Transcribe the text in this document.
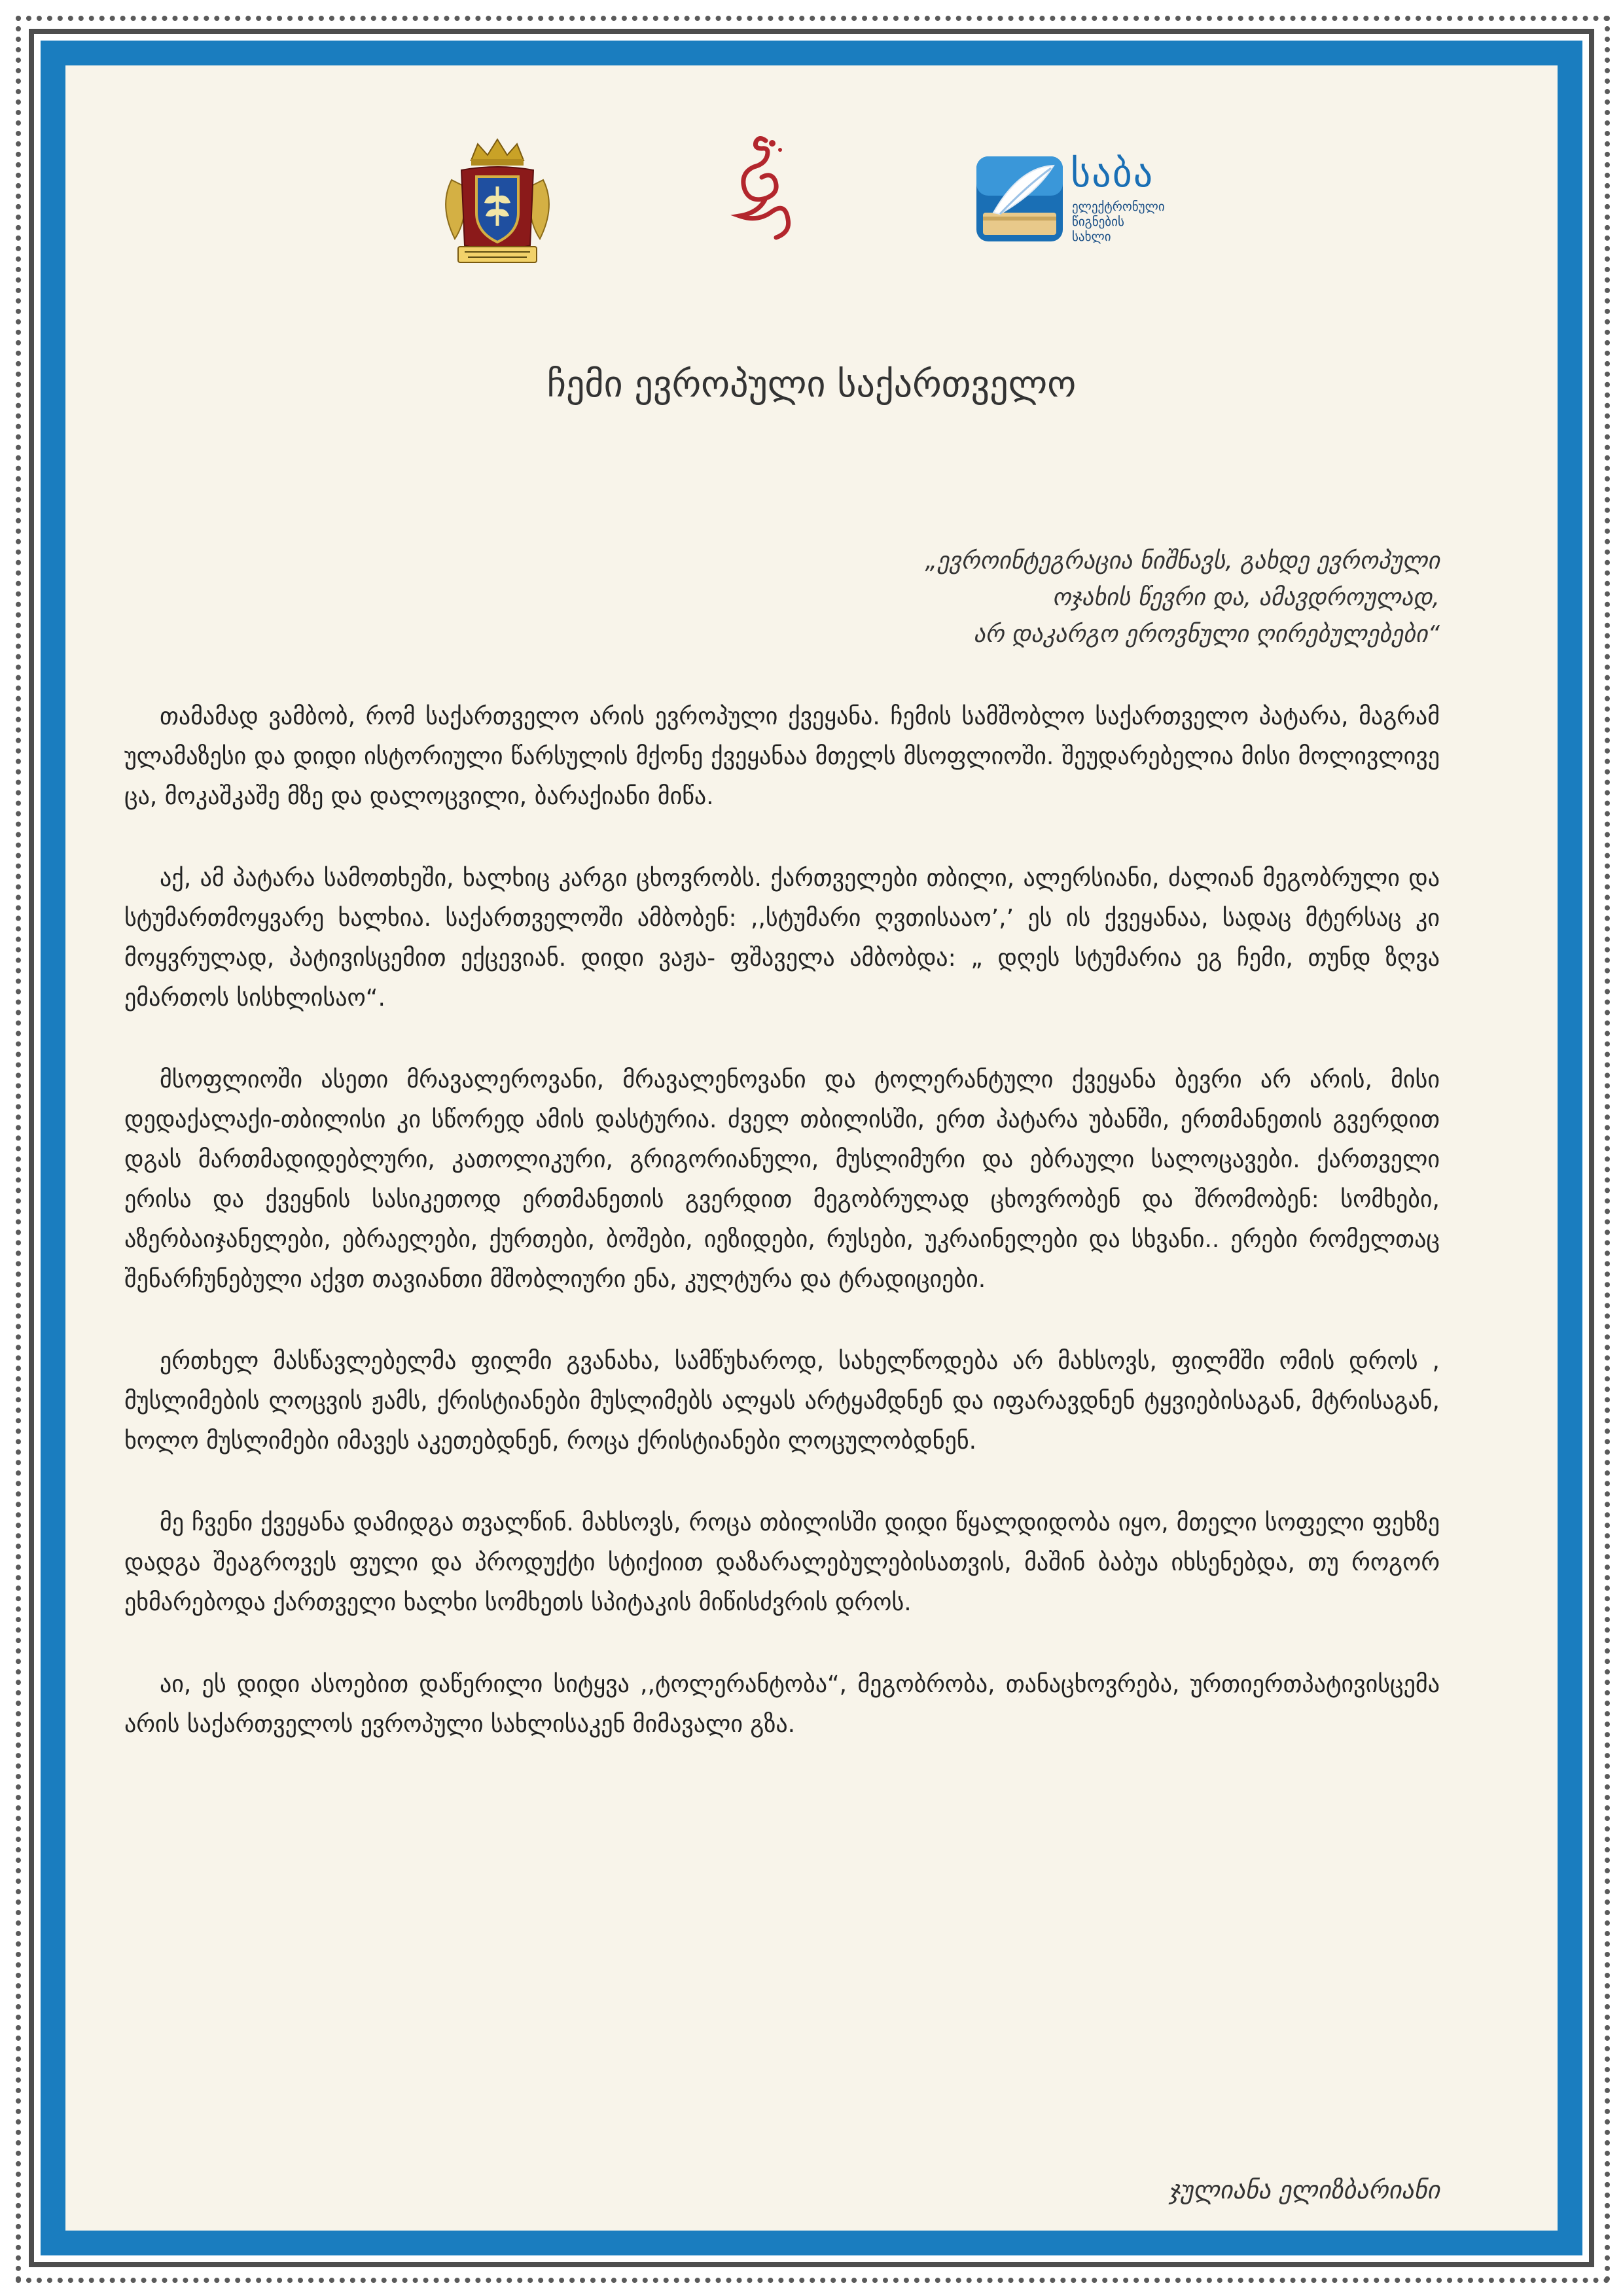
საბა
ელექტრონული
წიგნების
სახლი
ჩემი ევროპული საქართველო
„ევროინტეგრაცია ნიშნავს, გახდე ევროპული
ოჯახის წევრი და, ამავდროულად,
არ დაკარგო ეროვნული ღირებულებები“

თამამად ვამბობ, რომ საქართველო არის ევროპული ქვეყანა. ჩემის სამშობლო საქართველო პატარა, მაგრამ ულამაზესი და დიდი ისტორიული წარსულის მქონე ქვეყანაა მთელს მსოფლიოში. შეუდარებელია მისი მოლივლივე ცა, მოკაშკაშე მზე და დალოცვილი, ბარაქიანი მიწა.

აქ, ამ პატარა სამოთხეში, ხალხიც კარგი ცხოვრობს. ქართველები თბილი, ალერსიანი, ძალიან მეგობრული და სტუმართმოყვარე ხალხია. საქართველოში ამბობენ: ,,სტუმარი ღვთისააო’,’ ეს ის ქვეყანაა, სადაც მტერსაც კი მოყვრულად, პატივისცემით ექცევიან. დიდი ვაჟა- ფშაველა ამბობდა: „ დღეს სტუმარია ეგ ჩემი, თუნდ ზღვა ემართოს სისხლისაო“.

მსოფლიოში ასეთი მრავალეროვანი, მრავალენოვანი და ტოლერანტული ქვეყანა ბევრი არ არის, მისი დედაქალაქი-თბილისი კი სწორედ ამის დასტურია. ძველ თბილისში, ერთ პატარა უბანში, ერთმანეთის გვერდით დგას მართმადიდებლური, კათოლიკური, გრიგორიანული, მუსლიმური და ებრაული სალოცავები. ქართველი ერისა და ქვეყნის სასიკეთოდ ერთმანეთის გვერდით მეგობრულად ცხოვრობენ და შრომობენ: სომხები, აზერბაიჯანელები, ებრაელები, ქურთები, ბოშები, იეზიდები, რუსები, უკრაინელები და სხვანი.. ერები რომელთაც შენარჩუნებული აქვთ თავიანთი მშობლიური ენა, კულტურა და ტრადიციები.

ერთხელ მასწავლებელმა ფილმი გვანახა, სამწუხაროდ, სახელწოდება არ მახსოვს, ფილმში ომის დროს , მუსლიმების ლოცვის ჟამს, ქრისტიანები მუსლიმებს ალყას არტყამდნენ და იფარავდნენ ტყვიებისაგან, მტრისაგან, ხოლო მუსლიმები იმავეს აკეთებდნენ, როცა ქრისტიანები ლოცულობდნენ.

მე ჩვენი ქვეყანა დამიდგა თვალწინ. მახსოვს, როცა თბილისში დიდი წყალდიდობა იყო, მთელი სოფელი ფეხზე დადგა შეაგროვეს ფული და პროდუქტი სტიქიით დაზარალებულებისათვის, მაშინ ბაბუა იხსენებდა, თუ როგორ ეხმარებოდა ქართველი ხალხი სომხეთს სპიტაკის მიწისძვრის დროს.

აი, ეს დიდი ასოებით დაწერილი სიტყვა ,,ტოლერანტობა“, მეგობრობა, თანაცხოვრება, ურთიერთპატივისცემა არის საქართველოს ევროპული სახლისაკენ მიმავალი გზა.

ჯულიანა ელიზბარიანი
